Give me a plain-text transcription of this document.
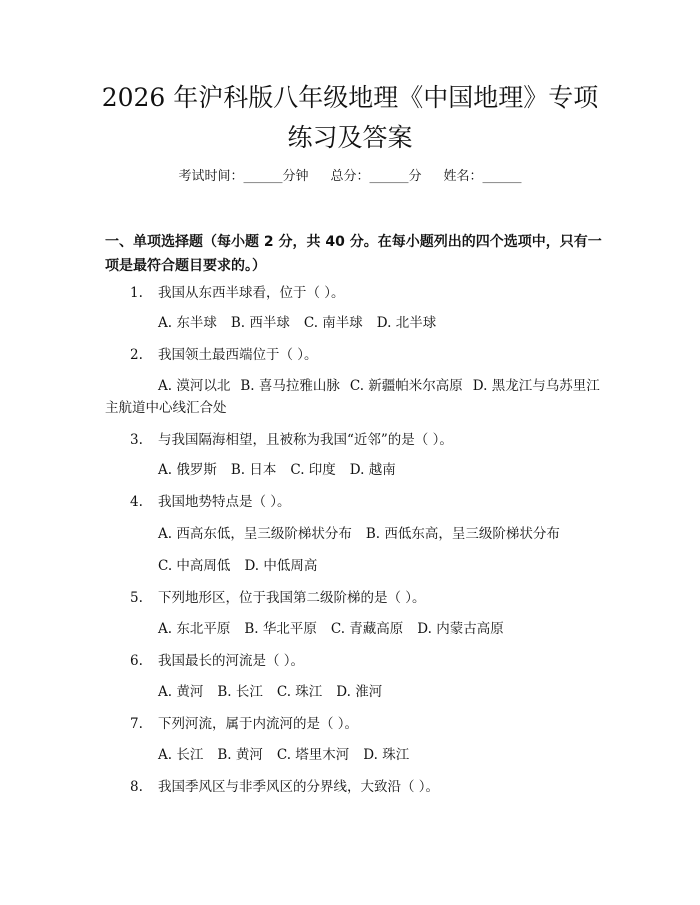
2026 年沪科版八年级地理《中国地理》专项
练习及答案
考试时间：______分钟 总分：______分 姓名：______
一、单项选择题（每小题 2 分，共 40 分。在每小题列出的四个选项中，只有一项是最符合题目要求的。）
1. 我国从东西半球看，位于（ ）。
A. 东半球 B. 西半球 C. 南半球 D. 北半球
2. 我国领土最西端位于（ ）。
A. 漠河以北 B. 喜马拉雅山脉 C. 新疆帕米尔高原 D. 黑龙江与乌苏里江主航道中心线汇合处
3. 与我国隔海相望，且被称为我国“近邻”的是（ ）。
A. 俄罗斯 B. 日本 C. 印度 D. 越南
4. 我国地势特点是（ ）。
A. 西高东低，呈三级阶梯状分布 B. 西低东高，呈三级阶梯状分布
C. 中高周低 D. 中低周高
5. 下列地形区，位于我国第二级阶梯的是（ ）。
A. 东北平原 B. 华北平原 C. 青藏高原 D. 内蒙古高原
6. 我国最长的河流是（ ）。
A. 黄河 B. 长江 C. 珠江 D. 淮河
7. 下列河流，属于内流河的是（ ）。
A. 长江 B. 黄河 C. 塔里木河 D. 珠江
8. 我国季风区与非季风区的分界线，大致沿（ ）。
